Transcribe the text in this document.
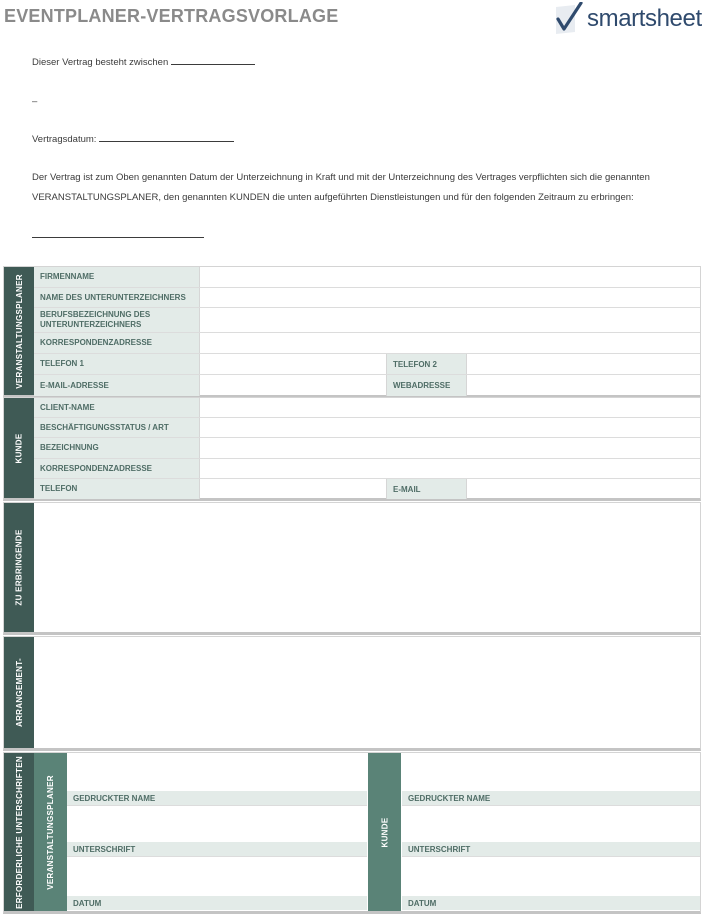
EVENTPLANER-VERTRAGSVORLAGE	smartsheet
Dieser Vertrag besteht zwischen
–
Vertragsdatum:
Der Vertrag ist zum Oben genannten Datum der Unterzeichnung in Kraft und mit der Unterzeichnung des Vertrages verpflichten sich die genannten VERANSTALTUNGSPLANER, den genannten KUNDEN die unten aufgeführten Dienstleistungen und für den folgenden Zeitraum zu erbringen:
VERANSTALTUNGSPLANER	FIRMENNAME
NAME DES UNTERUNTERZEICHNERS
BERUFSBEZEICHNUNG DES UNTERUNTERZEICHNERS
KORRESPONDENZADRESSE
TELEFON 1	TELEFON 2
E-MAIL-ADRESSE	WEBADRESSE
KUNDE
CLIENT-NAME
BESCHÄFTIGUNGSSTATUS / ART
BEZEICHNUNG
KORRESPONDENZADRESSE
TELEFON	E-MAIL
ZU ERBRINGENDE
ARRANGEMENT-
ERFORDERLICHE UNTERSCHRIFTEN	VERANSTALTUNGSPLANER	GEDRUCKTER NAME
UNTERSCHRIFT
DATUM
KUNDE
GEDRUCKTER NAME
UNTERSCHRIFT
DATUM
